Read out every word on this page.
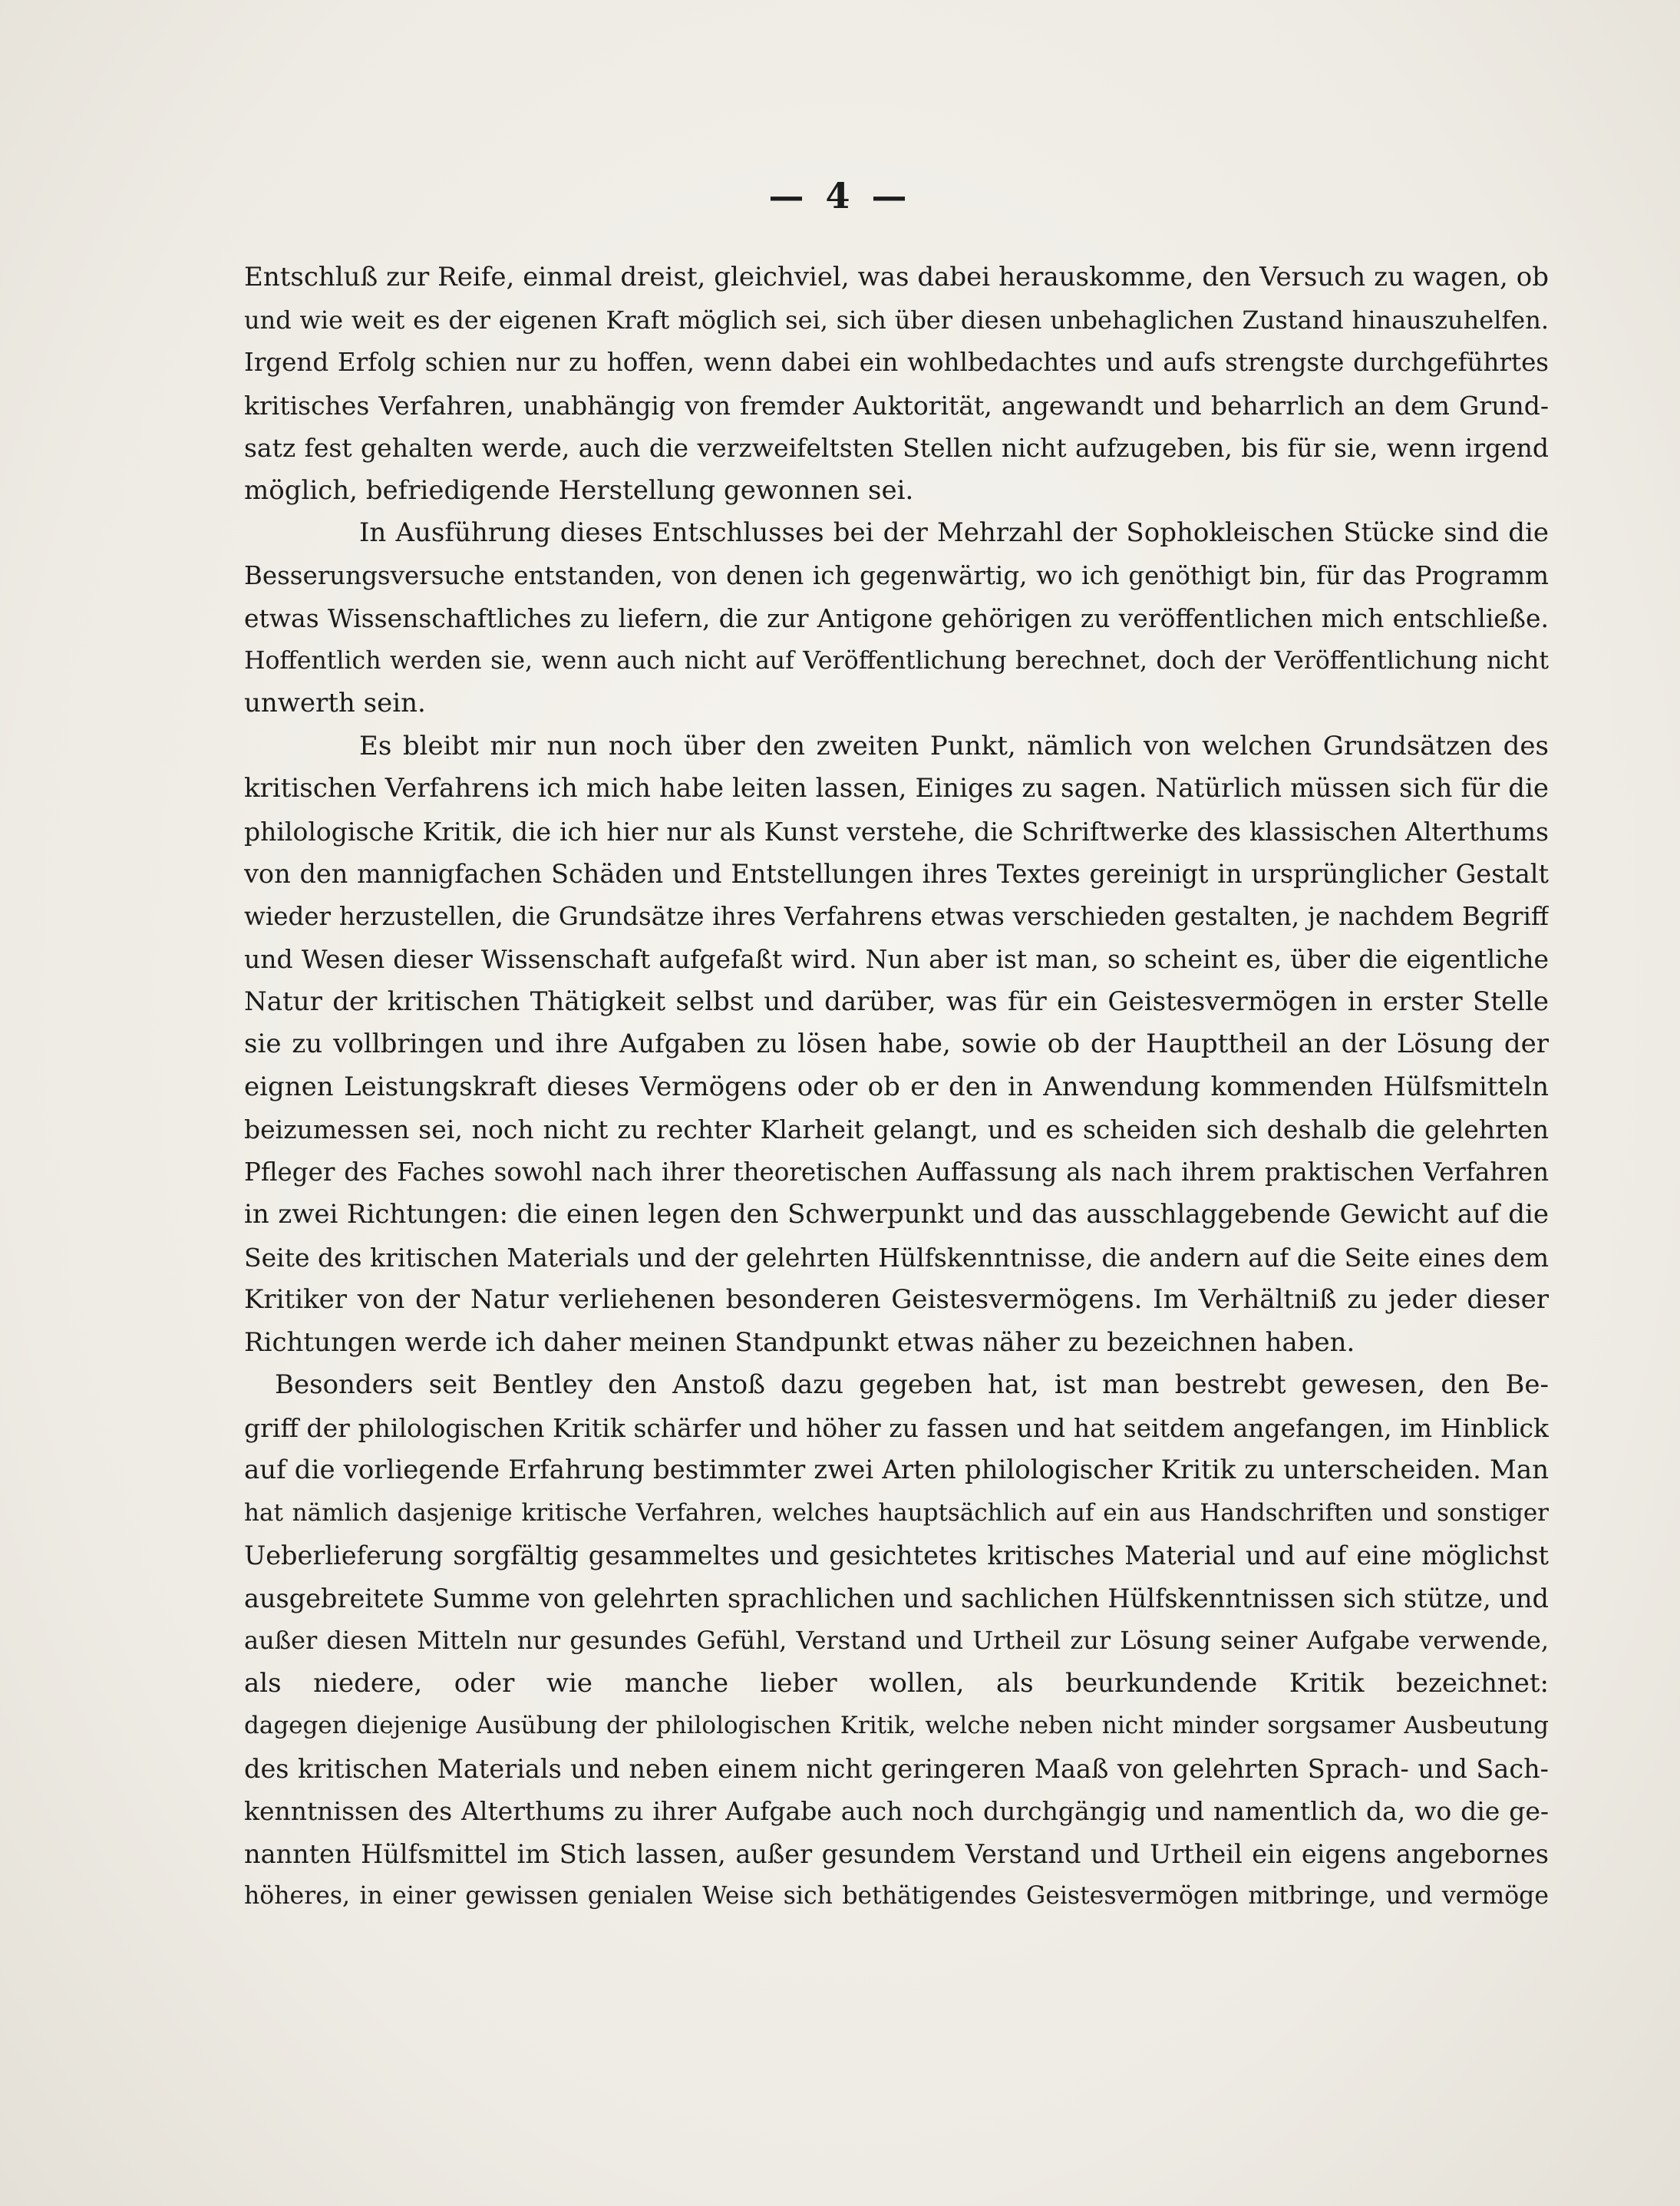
— 4 —
Entschluß zur Reife, einmal dreist, gleichviel, was dabei herauskomme, den Versuch zu wagen, ob
und wie weit es der eigenen Kraft möglich sei, sich über diesen unbehaglichen Zustand hinauszuhelfen.
Irgend Erfolg schien nur zu hoffen, wenn dabei ein wohlbedachtes und aufs strengste durchgeführtes
kritisches Verfahren, unabhängig von fremder Auktorität, angewandt und beharrlich an dem Grund-
satz fest gehalten werde, auch die verzweifeltsten Stellen nicht aufzugeben, bis für sie, wenn irgend
möglich, befriedigende Herstellung gewonnen sei.
In Ausführung dieses Entschlusses bei der Mehrzahl der Sophokleischen Stücke sind die
Besserungsversuche entstanden, von denen ich gegenwärtig, wo ich genöthigt bin, für das Programm
etwas Wissenschaftliches zu liefern, die zur Antigone gehörigen zu veröffentlichen mich entschließe.
Hoffentlich werden sie, wenn auch nicht auf Veröffentlichung berechnet, doch der Veröffentlichung nicht
unwerth sein.
Es bleibt mir nun noch über den zweiten Punkt, nämlich von welchen Grundsätzen des
kritischen Verfahrens ich mich habe leiten lassen, Einiges zu sagen. Natürlich müssen sich für die
philologische Kritik, die ich hier nur als Kunst verstehe, die Schriftwerke des klassischen Alterthums
von den mannigfachen Schäden und Entstellungen ihres Textes gereinigt in ursprünglicher Gestalt
wieder herzustellen, die Grundsätze ihres Verfahrens etwas verschieden gestalten, je nachdem Begriff
und Wesen dieser Wissenschaft aufgefaßt wird. Nun aber ist man, so scheint es, über die eigentliche
Natur der kritischen Thätigkeit selbst und darüber, was für ein Geistesvermögen in erster Stelle
sie zu vollbringen und ihre Aufgaben zu lösen habe, sowie ob der Haupttheil an der Lösung der
eignen Leistungskraft dieses Vermögens oder ob er den in Anwendung kommenden Hülfsmitteln
beizumessen sei, noch nicht zu rechter Klarheit gelangt, und es scheiden sich deshalb die gelehrten
Pfleger des Faches sowohl nach ihrer theoretischen Auffassung als nach ihrem praktischen Verfahren
in zwei Richtungen: die einen legen den Schwerpunkt und das ausschlaggebende Gewicht auf die
Seite des kritischen Materials und der gelehrten Hülfskenntnisse, die andern auf die Seite eines dem
Kritiker von der Natur verliehenen besonderen Geistesvermögens. Im Verhältniß zu jeder dieser
Richtungen werde ich daher meinen Standpunkt etwas näher zu bezeichnen haben.
Besonders seit Bentley den Anstoß dazu gegeben hat, ist man bestrebt gewesen, den Be-
griff der philologischen Kritik schärfer und höher zu fassen und hat seitdem angefangen, im Hinblick
auf die vorliegende Erfahrung bestimmter zwei Arten philologischer Kritik zu unterscheiden. Man
hat nämlich dasjenige kritische Verfahren, welches hauptsächlich auf ein aus Handschriften und sonstiger
Ueberlieferung sorgfältig gesammeltes und gesichtetes kritisches Material und auf eine möglichst
ausgebreitete Summe von gelehrten sprachlichen und sachlichen Hülfskenntnissen sich stütze, und
außer diesen Mitteln nur gesundes Gefühl, Verstand und Urtheil zur Lösung seiner Aufgabe verwende,
als niedere, oder wie manche lieber wollen, als beurkundende Kritik bezeichnet:
dagegen diejenige Ausübung der philologischen Kritik, welche neben nicht minder sorgsamer Ausbeutung
des kritischen Materials und neben einem nicht geringeren Maaß von gelehrten Sprach- und Sach-
kenntnissen des Alterthums zu ihrer Aufgabe auch noch durchgängig und namentlich da, wo die ge-
nannten Hülfsmittel im Stich lassen, außer gesundem Verstand und Urtheil ein eigens angebornes
höheres, in einer gewissen genialen Weise sich bethätigendes Geistesvermögen mitbringe, und vermöge
